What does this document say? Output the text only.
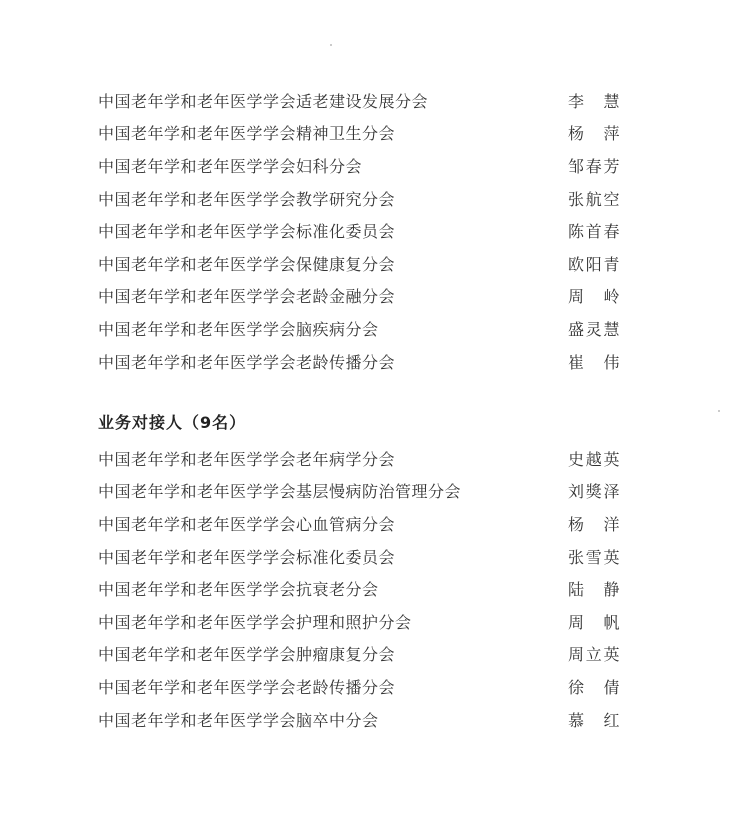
中国老年学和老年医学学会适老建设发展分会	李慧
中国老年学和老年医学学会精神卫生分会	杨萍
中国老年学和老年医学学会妇科分会	邹春芳
中国老年学和老年医学学会教学研究分会	张航空
中国老年学和老年医学学会标准化委员会	陈首春
中国老年学和老年医学学会保健康复分会	欧阳青
中国老年学和老年医学学会老龄金融分会	周岭
中国老年学和老年医学学会脑疾病分会	盛灵慧
中国老年学和老年医学学会老龄传播分会	崔伟
业务对接人（9名）
中国老年学和老年医学学会老年病学分会	史越英
中国老年学和老年医学学会基层慢病防治管理分会	刘獎泽
中国老年学和老年医学学会心血管病分会	杨洋
中国老年学和老年医学学会标准化委员会	张雪英
中国老年学和老年医学学会抗衰老分会	陆静
中国老年学和老年医学学会护理和照护分会	周帆
中国老年学和老年医学学会肿瘤康复分会	周立英
中国老年学和老年医学学会老龄传播分会	徐倩
中国老年学和老年医学学会脑卒中分会	慕红
